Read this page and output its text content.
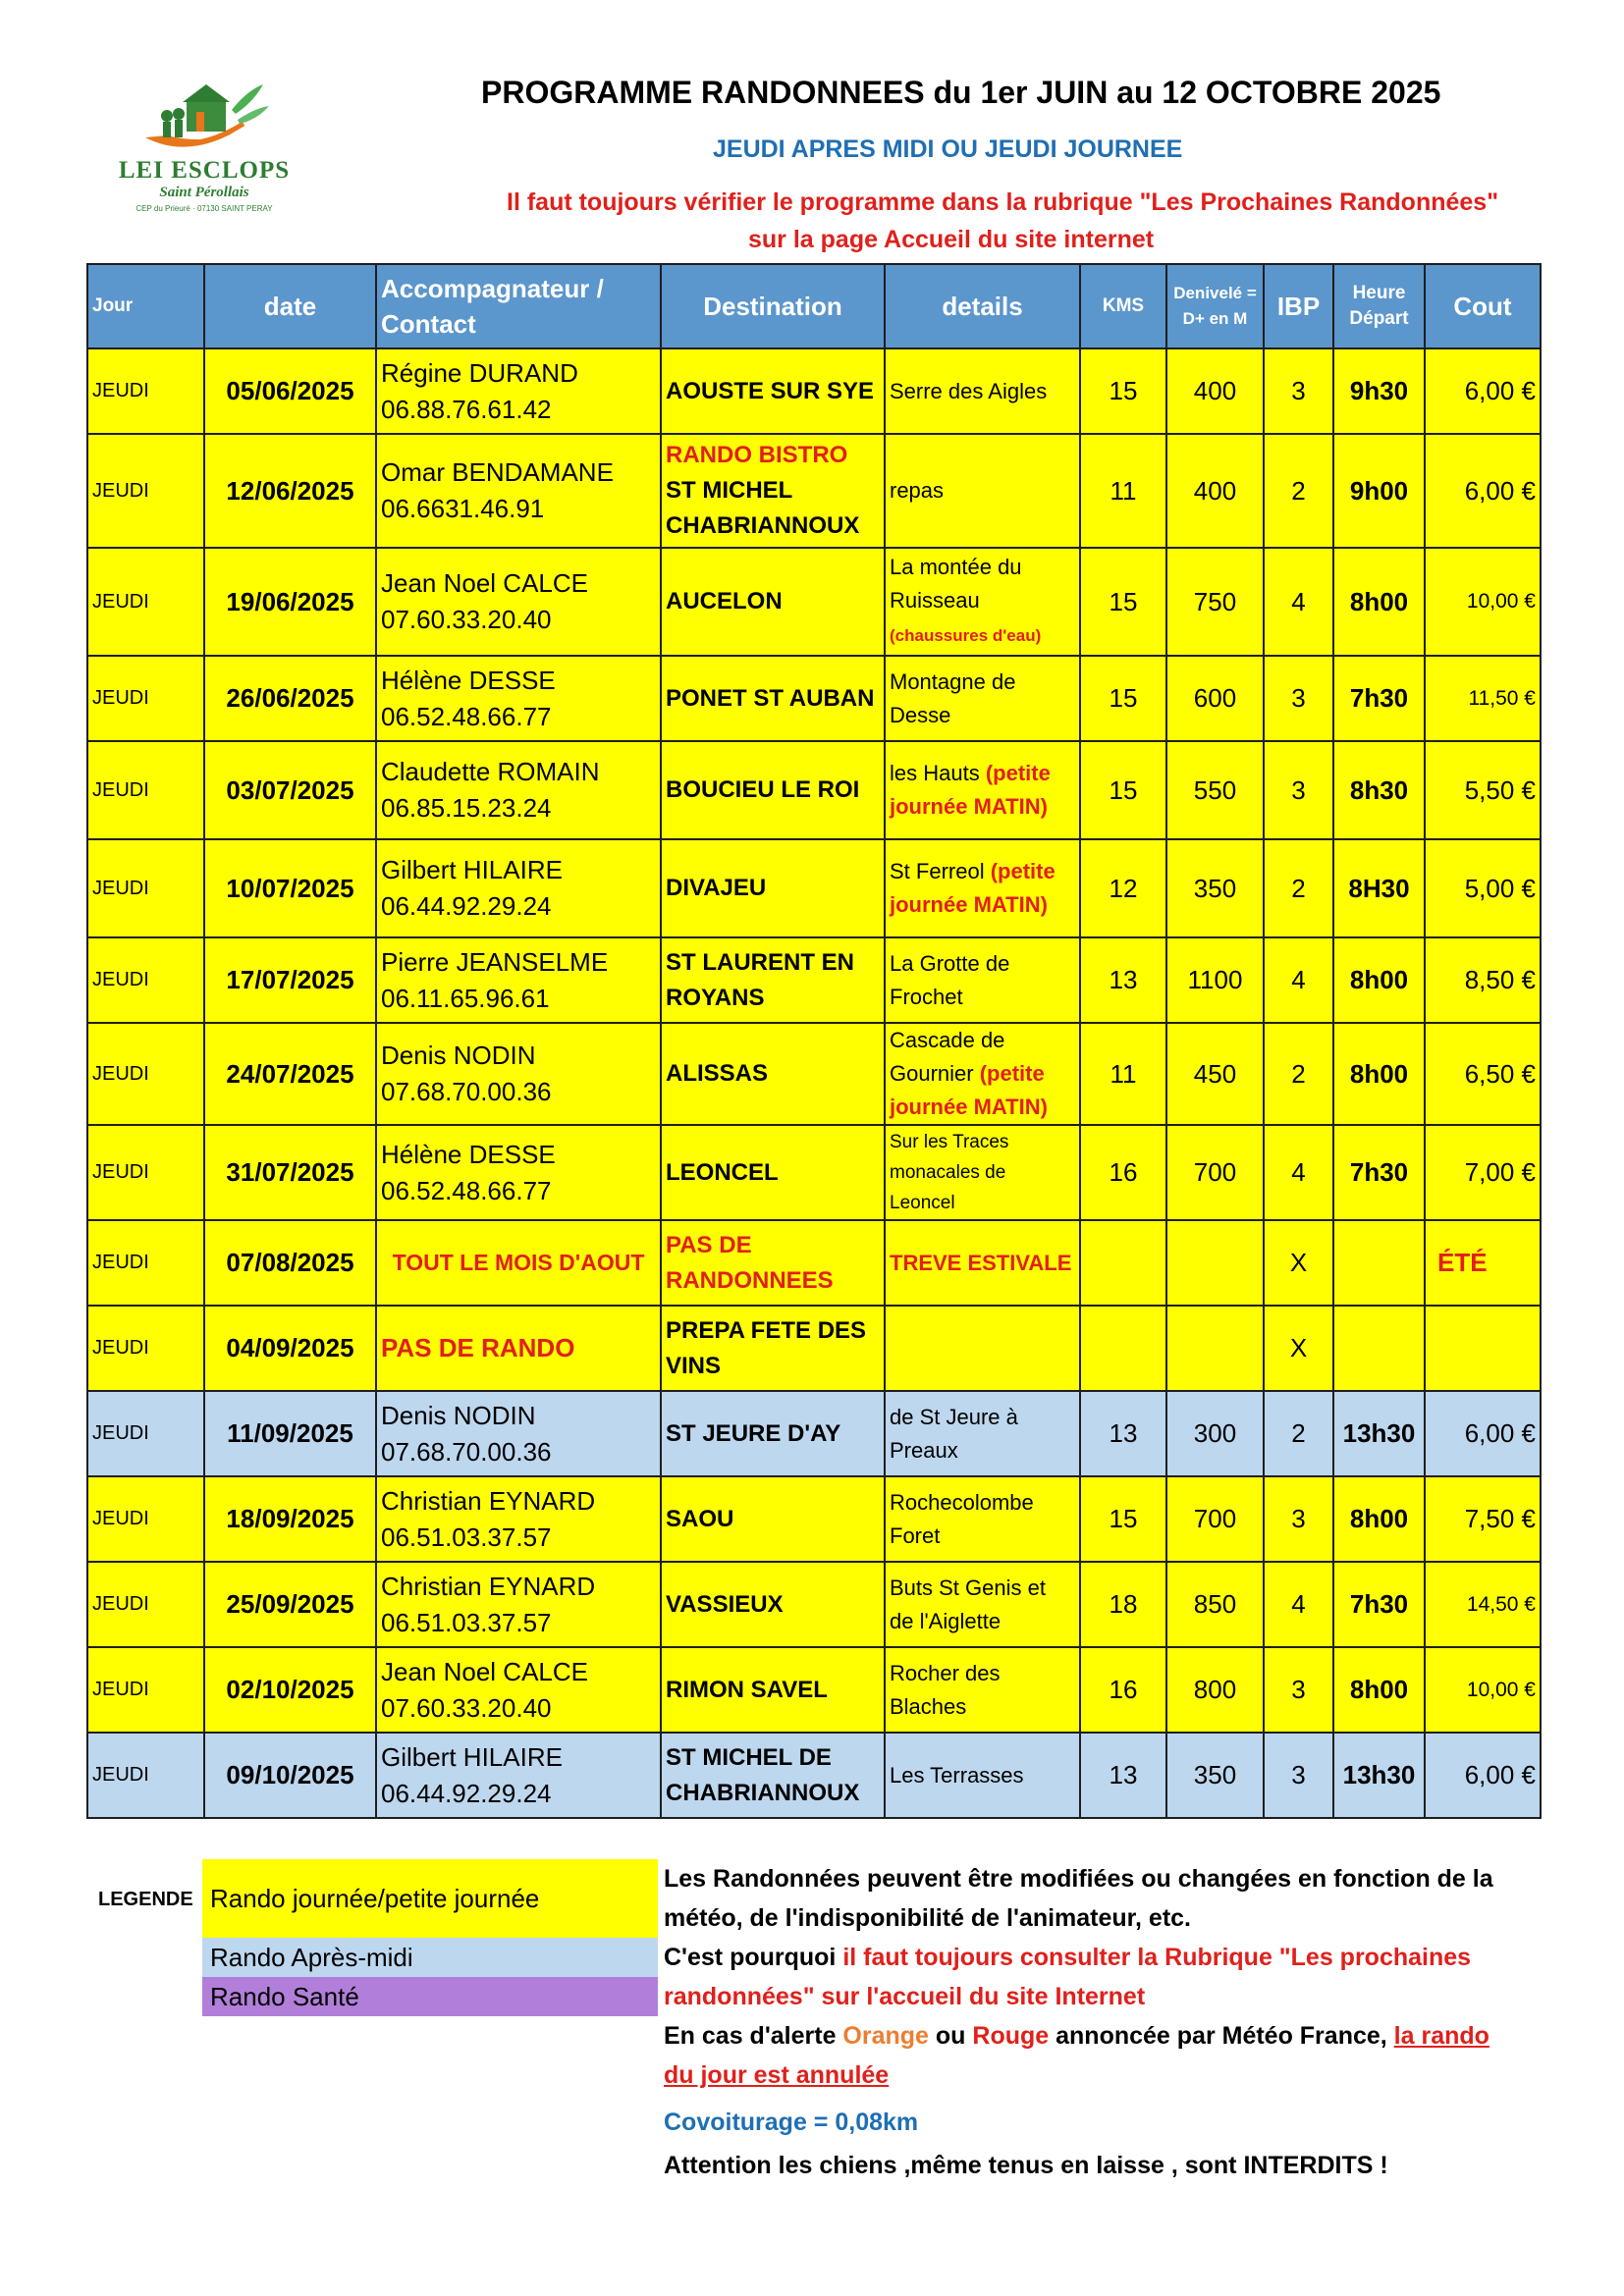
LEI ESCLOPS
Saint Pérollais
CEP du Prieuré · 07130 SAINT PERAY
PROGRAMME RANDONNEES du 1er JUIN au 12 OCTOBRE 2025
JEUDI APRES MIDI OU JEUDI JOURNEE
Il faut toujours vérifier le programme dans la rubrique "Les Prochaines Randonnées"
sur la page Accueil du site internet
Jour	date	Accompagnateur / Contact	Destination	details	KMS	Denivelé =
D+ en M	IBP	Heure
Départ	Cout
JEUDI	05/06/2025	Régine DURAND
06.88.76.61.42	AOUSTE SUR SYE	Serre des Aigles	15	400	3	9h30	6,00 €
JEUDI	12/06/2025	Omar BENDAMANE
06.6631.46.91	RANDO BISTRO
ST MICHEL
CHABRIANNOUX	repas	11	400	2	9h00	6,00 €
JEUDI	19/06/2025	Jean Noel CALCE
07.60.33.20.40	AUCELON	La montée du Ruisseau
(chaussures d'eau)	15	750	4	8h00	10,00 €
JEUDI	26/06/2025	Hélène DESSE
06.52.48.66.77	PONET ST AUBAN	Montagne de Desse	15	600	3	7h30	11,50 €
JEUDI	03/07/2025	Claudette ROMAIN
06.85.15.23.24	BOUCIEU LE ROI	les Hauts (petite journée MATIN)	15	550	3	8h30	5,50 €
JEUDI	10/07/2025	Gilbert HILAIRE
06.44.92.29.24	DIVAJEU	St Ferreol (petite journée MATIN)	12	350	2	8H30	5,00 €
JEUDI	17/07/2025	Pierre JEANSELME
06.11.65.96.61	ST LAURENT EN
ROYANS	La Grotte de Frochet	13	1100	4	8h00	8,50 €
JEUDI	24/07/2025	Denis NODIN
07.68.70.00.36	ALISSAS	Cascade de Gournier (petite journée MATIN)	11	450	2	8h00	6,50 €
JEUDI	31/07/2025	Hélène DESSE
06.52.48.66.77	LEONCEL	Sur les Traces monacales de Leoncel	16	700	4	7h30	7,00 €
JEUDI	07/08/2025	TOUT LE MOIS D'AOUT	PAS DE RANDONNEES	TREVE ESTIVALE			X		ÉTÉ
JEUDI	04/09/2025	PAS DE RANDO	PREPA FETE DES
VINS				X		
JEUDI	11/09/2025	Denis NODIN
07.68.70.00.36	ST JEURE D'AY	de St Jeure à Preaux	13	300	2	13h30	6,00 €
JEUDI	18/09/2025	Christian EYNARD
06.51.03.37.57	SAOU	Rochecolombe Foret	15	700	3	8h00	7,50 €
JEUDI	25/09/2025	Christian EYNARD
06.51.03.37.57	VASSIEUX	Buts St Genis et de l'Aiglette	18	850	4	7h30	14,50 €
JEUDI	02/10/2025	Jean Noel CALCE
07.60.33.20.40	RIMON SAVEL	Rocher des Blaches	16	800	3	8h00	10,00 €
JEUDI	09/10/2025	Gilbert HILAIRE
06.44.92.29.24	ST MICHEL DE
CHABRIANNOUX	Les Terrasses	13	350	3	13h30	6,00 €
LEGENDE Rando journée/petite journée
Rando Après-midi
Rando Santé
Les Randonnées peuvent être modifiées ou changées en fonction de la
météo, de l'indisponibilité de l'animateur, etc.
C'est pourquoi il faut toujours consulter la Rubrique "Les prochaines
randonnées" sur l'accueil du site Internet
En cas d'alerte Orange ou Rouge annoncée par Météo France, la rando
du jour est annulée
Covoiturage = 0,08km
Attention les chiens ,même tenus en laisse , sont INTERDITS !
